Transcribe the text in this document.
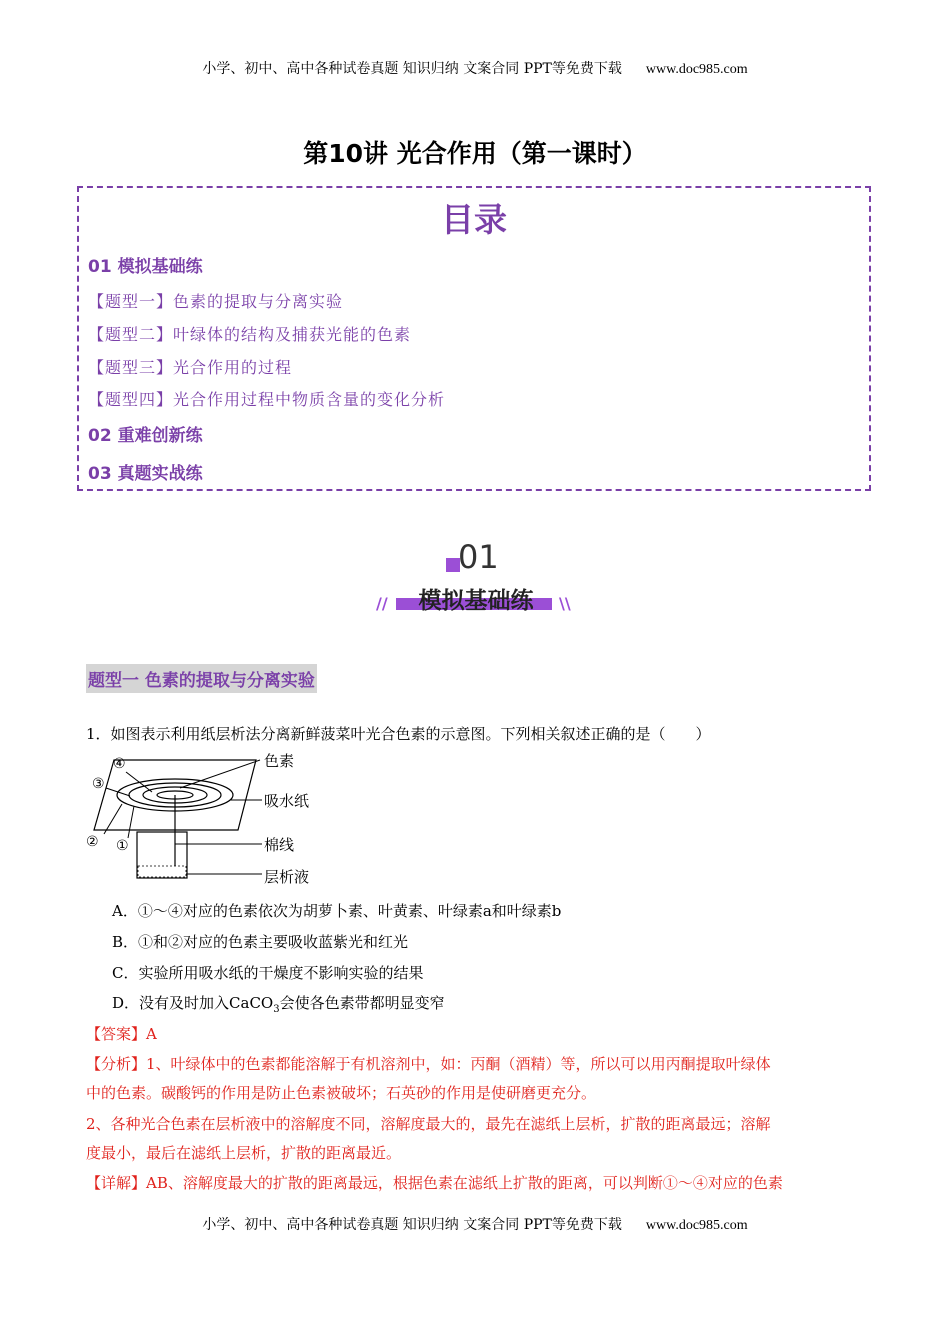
小学、初中、高中各种试卷真题 知识归纳 文案合同 PPT等免费下载 www.doc985.com
第10讲 光合作用（第一课时）
目录
01 模拟基础练
【题型一】色素的提取与分离实验
【题型二】叶绿体的结构及捕获光能的色素
【题型三】光合作用的过程
【题型四】光合作用过程中物质含量的变化分析
02 重难创新练
03 真题实战练
01
//	\\
模拟基础练
题型一 色素的提取与分离实验
1．如图表示利用纸层析法分离新鲜菠菜叶光合色素的示意图。下列相关叙述正确的是（　　）
色素
吸水纸
棉线
层析液
④
③
② ①
A．①～④对应的色素依次为胡萝卜素、叶黄素、叶绿素a和叶绿素b
B．①和②对应的色素主要吸收蓝紫光和红光
C．实验所用吸水纸的干燥度不影响实验的结果
D．没有及时加入CaCO$_3$会使各色素带都明显变窄
【答案】A
【分析】1、叶绿体中的色素都能溶解于有机溶剂中，如：丙酮（酒精）等，所以可以用丙酮提取叶绿体
中的色素。碳酸钙的作用是防止色素被破坏；石英砂的作用是使研磨更充分。
2、各种光合色素在层析液中的溶解度不同，溶解度最大的，最先在滤纸上层析，扩散的距离最远；溶解
度最小，最后在滤纸上层析，扩散的距离最近。
【详解】AB、溶解度最大的扩散的距离最远，根据色素在滤纸上扩散的距离，可以判断①～④对应的色素
小学、初中、高中各种试卷真题 知识归纳 文案合同 PPT等免费下载 www.doc985.com
